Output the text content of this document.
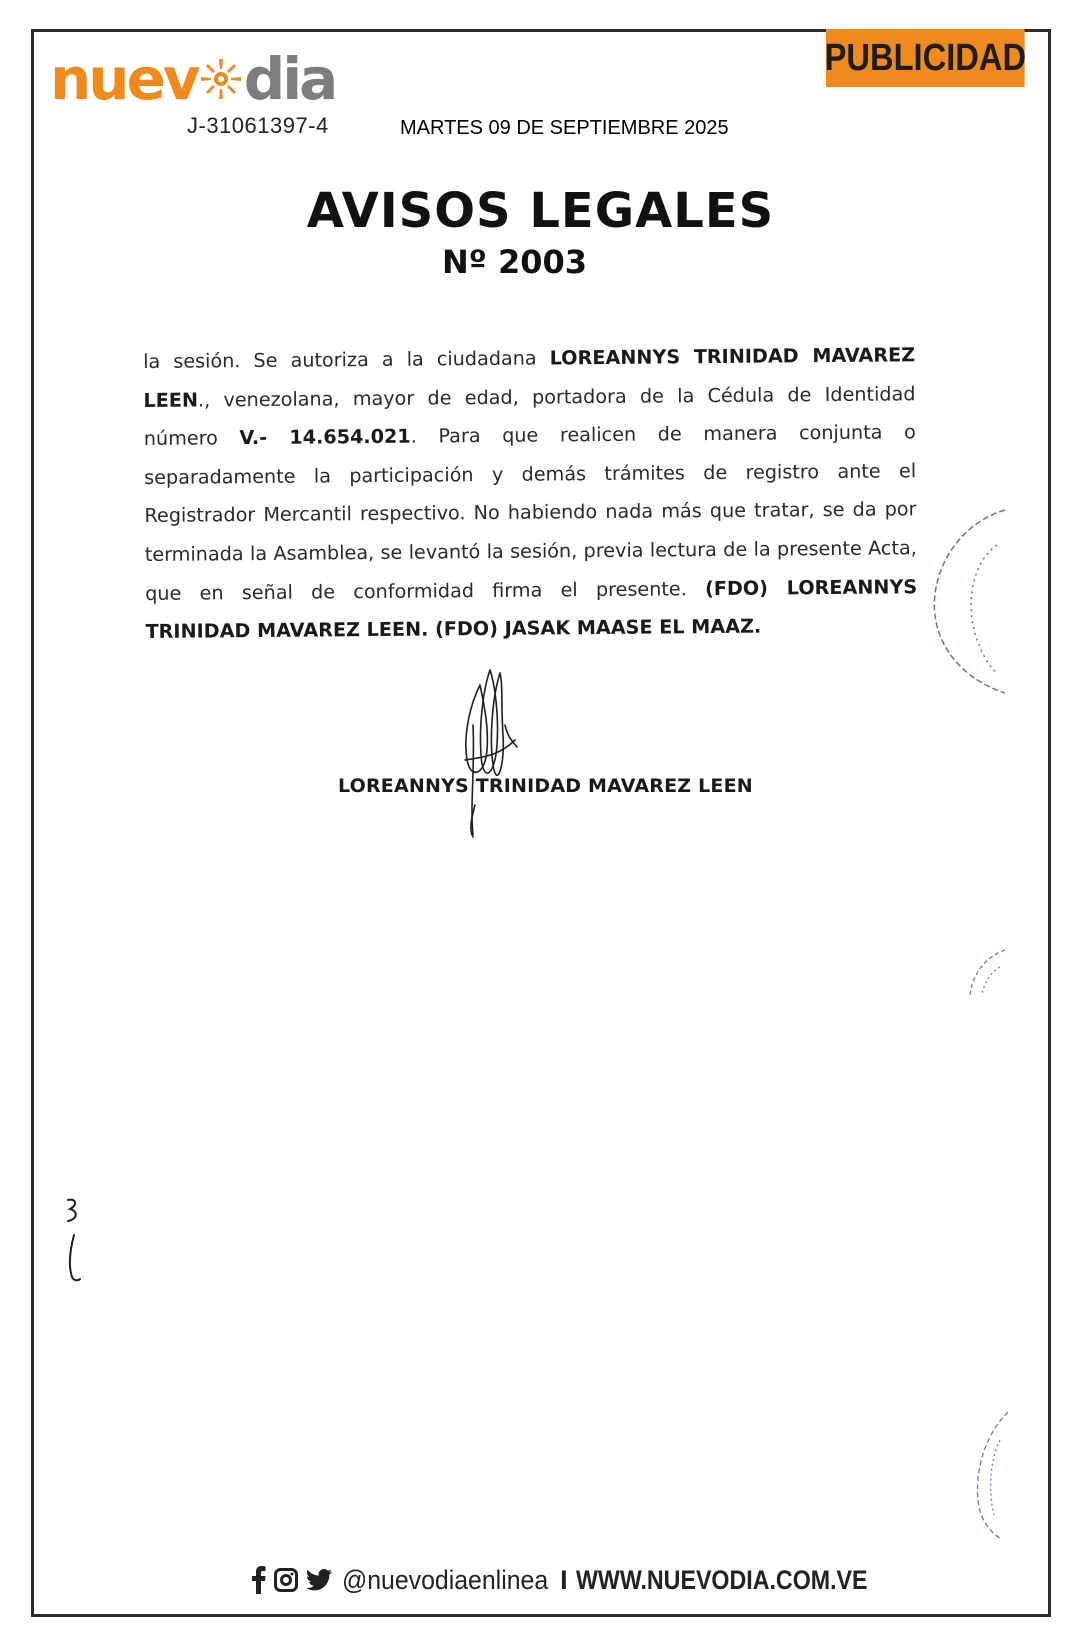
PUBLICIDAD
nuev dia
J-31061397-4	MARTES 09 DE SEPTIEMBRE 2025
AVISOS LEGALES
Nº 2003
la sesión. Se autoriza a la ciudadana LOREANNYS TRINIDAD MAVAREZ LEEN., venezolana, mayor de edad, portadora de la Cédula de Identidad número V.- 14.654.021. Para que realicen de manera conjunta o separadamente la participación y demás trámites de registro ante el Registrador Mercantil respectivo. No habiendo nada más que tratar, se da por terminada la Asamblea, se levantó la sesión, previa lectura de la presente Acta, que en señal de conformidad firma el presente. (FDO) LOREANNYS TRINIDAD MAVAREZ LEEN. (FDO) JASAK MAASE EL MAAZ.
LOREANNYS TRINIDAD MAVAREZ LEEN
@nuevodiaenlinea I WWW.NUEVODIA.COM.VE
